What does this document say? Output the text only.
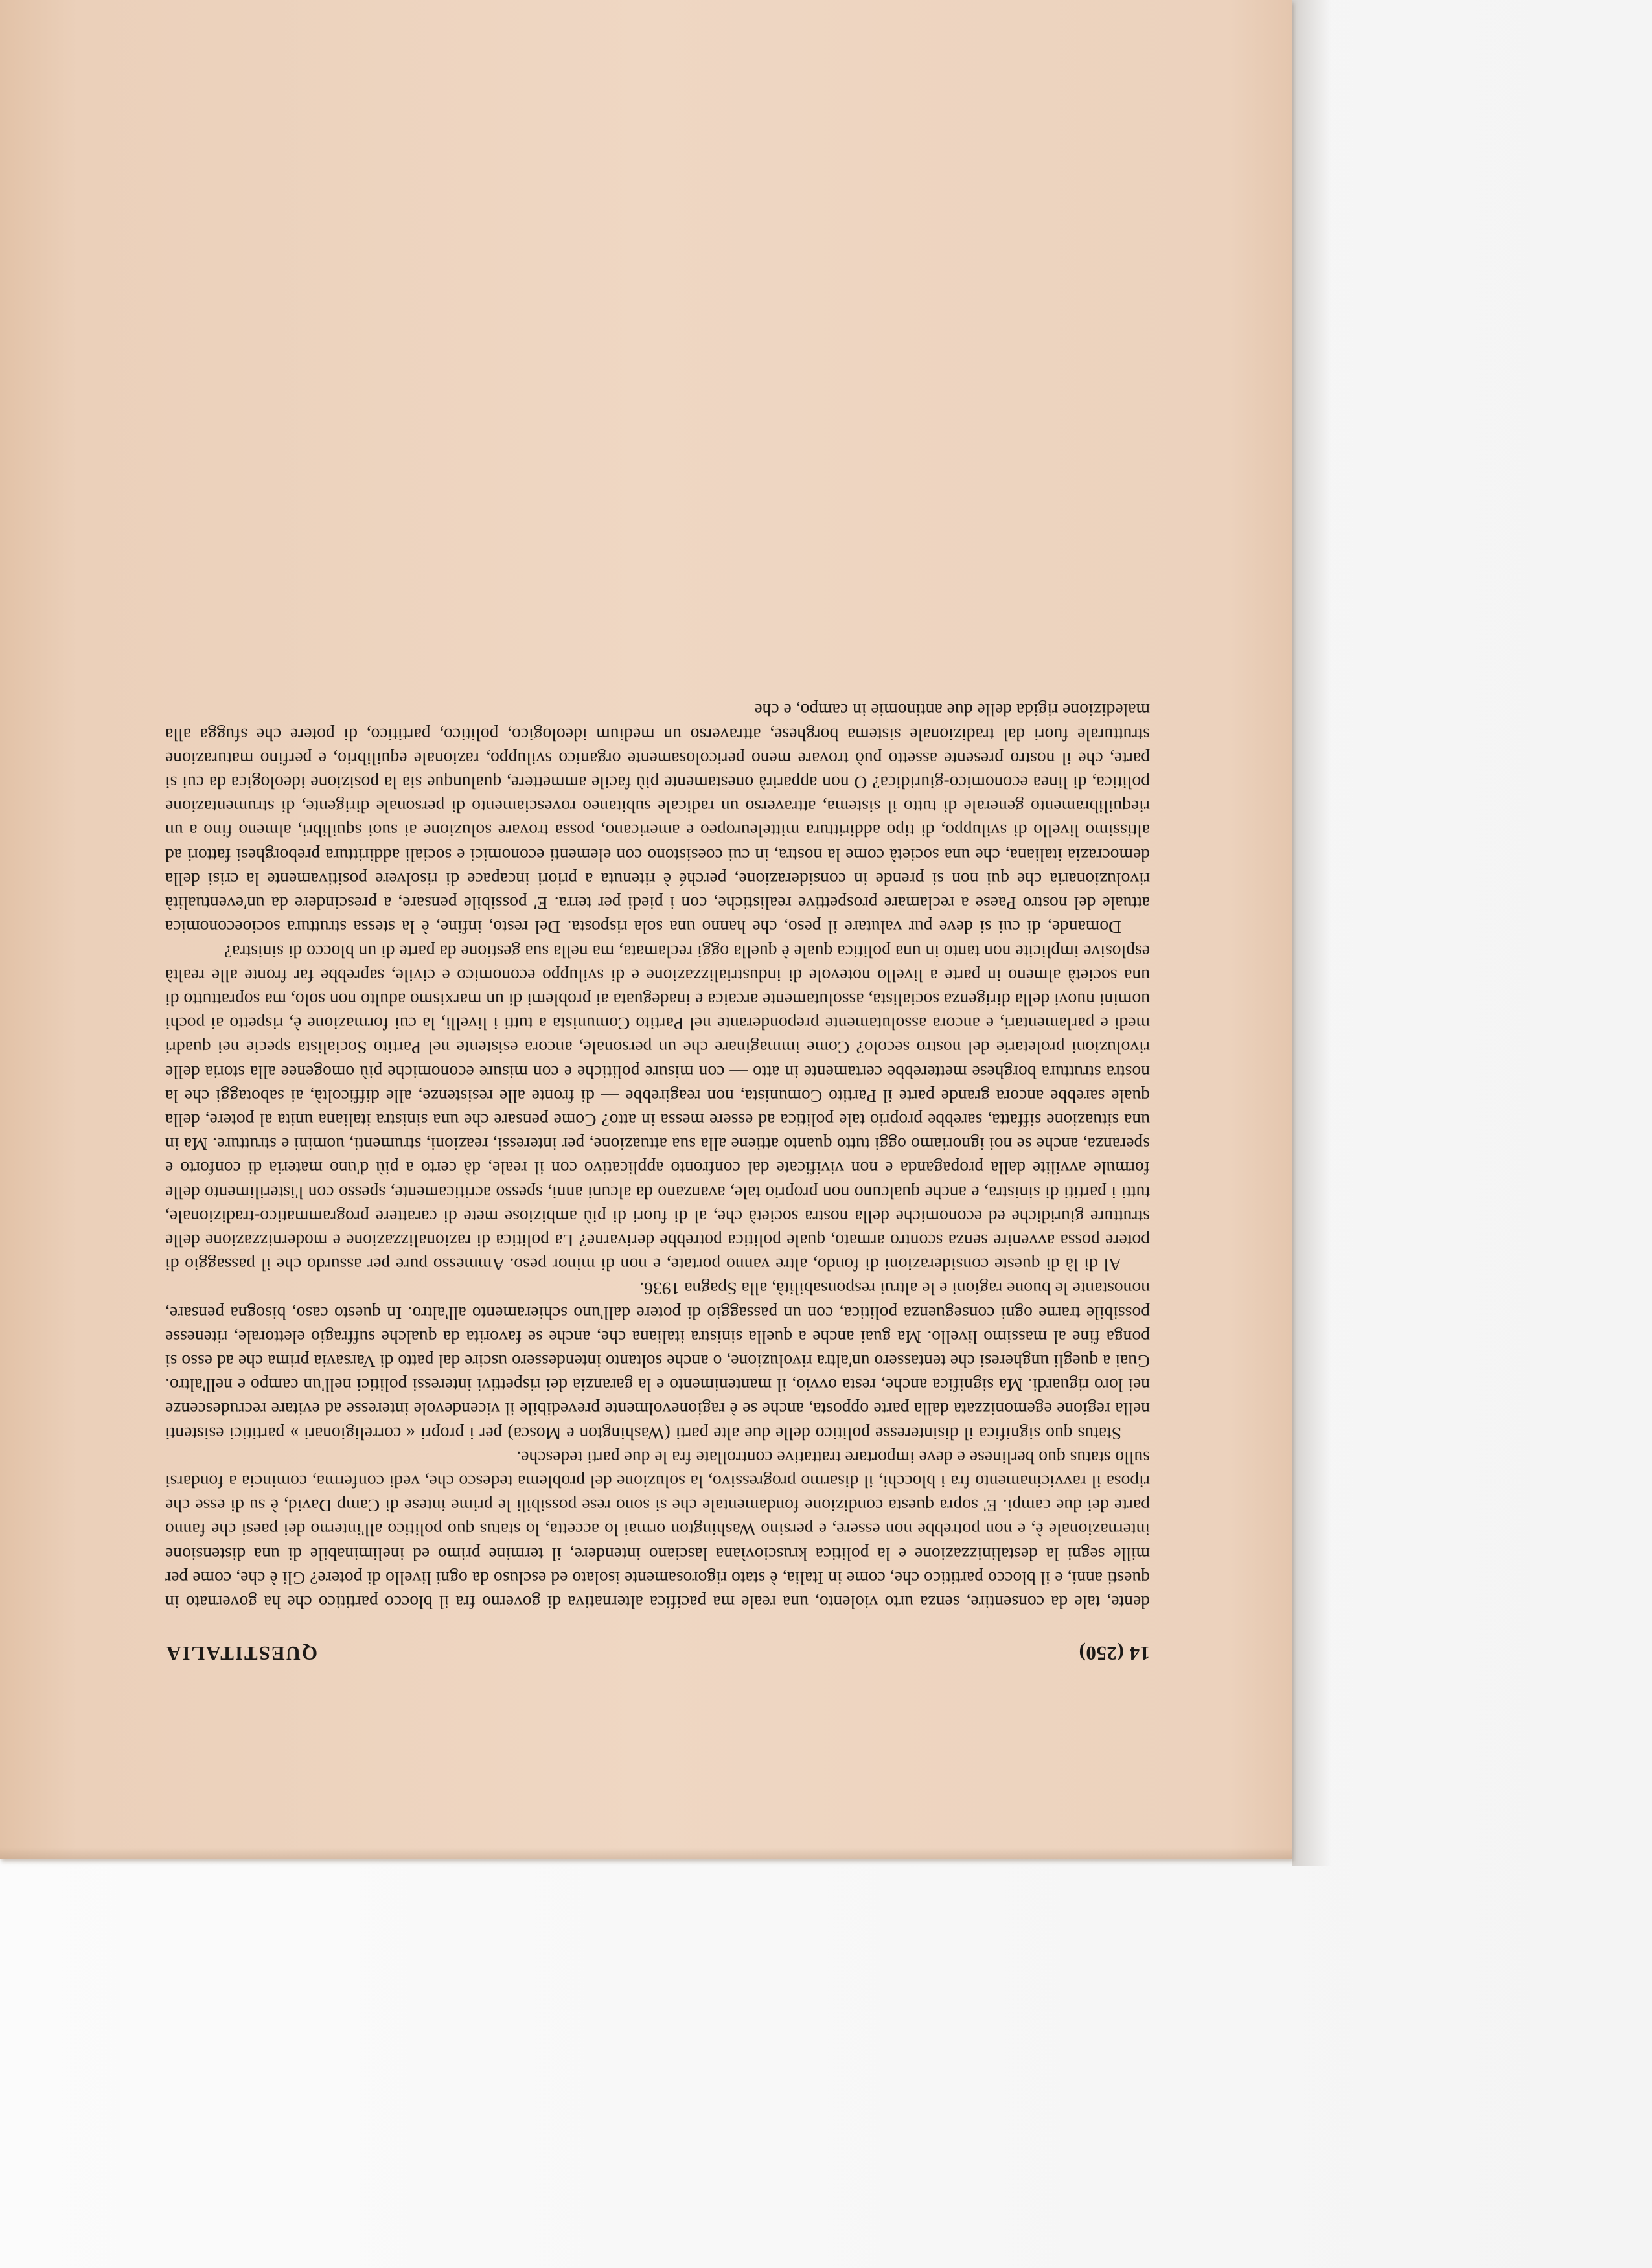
14 (250)
QUESTITALIA

dente, tale da consentire, senza urto violento, una reale ma pacifica alternativa di governo fra il blocco partitico che ha governato in questi anni, e il blocco partitico che, come in Italia, è stato rigorosamente isolato ed escluso da ogni livello di potere? Gli è che, come per mille segni la destalinizzazione e la politica krusciovìana lasciano intendere, il termine primo ed ineliminabile di una distensione internazionale è, e non potrebbe non essere, e persino Washington ormai lo accetta, lo status quo politico all'interno dei paesi che fanno parte dei due campi. E' sopra questa condizione fondamentale che si sono rese possibili le prime intese di Camp David, è su di esse che riposa il ravvicinamento fra i blocchi, il disarmo progressivo, la soluzione del problema tedesco che, vedi conferma, comincia a fondarsi sullo status quo berlinese e deve importare trattative controllate fra le due parti tedesche.

Status quo significa il disinteresse politico delle due alte parti (Washington e Mosca) per i propri « correligionari » partitici esistenti nella regione egemonizzata dalla parte opposta, anche se è ragionevolmente prevedibile il vicendevole interesse ad evitare recrudescenze nei loro riguardi. Ma significa anche, resta ovvio, il mantenimento e la garanzia dei rispettivi interessi politici nell'un campo e nell'altro. Guai a quegli ungheresi che tentassero un'altra rivoluzione, o anche soltanto intendessero uscire dal patto di Varsavia prima che ad esso si ponga fine al massimo livello. Ma guai anche a quella sinistra italiana che, anche se favorita da qualche suffragio elettorale, ritenesse possibile trarne ogni conseguenza politica, con un passaggio di potere dall'uno schieramento all'altro. In questo caso, bisogna pensare, nonostante le buone ragioni e le altrui responsabilità, alla Spagna 1936.

Al di là di queste considerazioni di fondo, altre vanno portate, e non di minor peso. Ammesso pure per assurdo che il passaggio di potere possa avvenire senza scontro armato, quale politica potrebbe derivarne? La politica di razionalizzazione e modernizzazione delle strutture giuridiche ed economiche della nostra società che, al di fuori di più ambiziose mete di carattere programmatico-tradizionale, tutti i partiti di sinistra, e anche qualcuno non proprio tale, avanzano da alcuni anni, spesso acriticamente, spesso con l'isterilimento delle formule avvilite dalla propaganda e non vivificate dal confronto applicativo con il reale, dà certo a più d'uno materia di conforto e speranza, anche se noi ignoriamo oggi tutto quanto attiene alla sua attuazione, per interessi, reazioni, strumenti, uomini e strutture. Ma in una situazione siffatta, sarebbe proprio tale politica ad essere messa in atto? Come pensare che una sinistra italiana unita al potere, della quale sarebbe ancora grande parte il Partito Comunista, non reagirebbe — di fronte alle resistenze, alle difficoltà, ai sabotaggi che la nostra struttura borghese metterebbe certamente in atto — con misure politiche e con misure economiche più omogenee alla storia delle rivoluzioni proletarie del nostro secolo? Come immaginare che un personale, ancora esistente nel Partito Socialista specie nei quadri medi e parlamentari, e ancora assolutamente preponderante nel Partito Comunista a tutti i livelli, la cui formazione è, rispetto ai pochi uomini nuovi della dirigenza socialista, assolutamente arcaica e inadeguata ai problemi di un marxismo adulto non solo, ma soprattutto di una società almeno in parte a livello notevole di industrializzazione e di sviluppo economico e civile, saprebbe far fronte alle realtà esplosive implicite non tanto in una politica quale è quella oggi reclamata, ma nella sua gestione da parte di un blocco di sinistra?

Domande, di cui si deve pur valutare il peso, che hanno una sola risposta. Del resto, infine, è la stessa struttura socioeconomica attuale del nostro Paese a reclamare prospettive realistiche, con i piedi per terra. E' possibile pensare, a prescindere da un'eventualità rivoluzionaria che qui non si prende in considerazione, perché è ritenuta a priori incapace di risolvere positivamente la crisi della democrazia italiana, che una società come la nostra, in cui coesistono con elementi economici e sociali addirittura preborghesi fattori ad altissimo livello di sviluppo, di tipo addirittura mitteleuropeo e americano, possa trovare soluzione ai suoi squilibri, almeno fino a un riequilibramento generale di tutto il sistema, attraverso un radicale subitaneo rovesciamento di personale dirigente, di strumentazione politica, di linea economico-giuridica? O non apparirà onestamente più facile ammettere, qualunque sia la posizione ideologica da cui si parte, che il nostro presente assetto può trovare meno pericolosamente organico sviluppo, razionale equilibrio, e perfino maturazione strutturale fuori dal tradizionale sistema borghese, attraverso un medium ideologico, politico, partitico, di potere che sfugga alla maledizione rigida delle due antinomie in campo, e che
